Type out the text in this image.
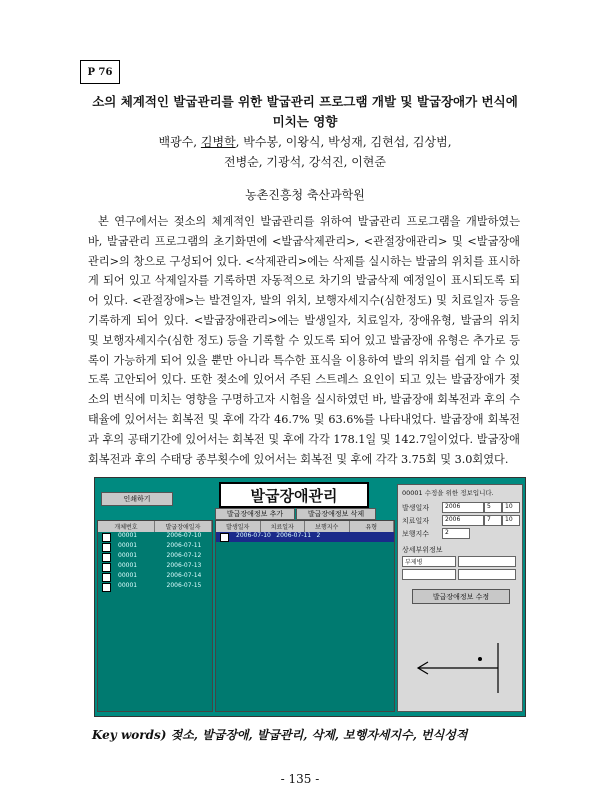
P 76
소의 체계적인 발굽관리를 위한 발굽관리 프로그램 개발 및 발굽장애가 번식에
미치는 영향
백광수, 김병학, 박수봉, 이왕식, 박성재, 김현섭, 김상범,
전병순, 기광석, 강석진, 이현준
농촌진흥청 축산과학원
본 연구에서는 젖소의 체계적인 발굽관리를 위하여 발굽관리 프로그램을 개발하였는 바, 발굽관리 프로그램의 초기화면에 <발굽삭제관리>, <관절장애관리> 및 <발굽장애관리>의 창으로 구성되어 있다. <삭제관리>에는 삭제를 실시하는 발굽의 위치를 표시하게 되어 있고 삭제일자를 기록하면 자동적으로 차기의 발굽삭제 예정일이 표시되도록 되어 있다. <관절장애>는 발견일자, 발의 위치, 보행자세지수(심한정도) 및 치료일자 등을 기록하게 되어 있다. <발굽장애관리>에는 발생일자, 치료일자, 장애유형, 발굽의 위치 및 보행자세지수(심한 정도) 등을 기록할 수 있도록 되어 있고 발굽장애 유형은 추가로 등록이 가능하게 되어 있을 뿐만 아니라 특수한 표식을 이용하여 발의 위치를 쉽게 알 수 있도록 고안되어 있다. 또한 젖소에 있어서 주된 스트레스 요인이 되고 있는 발굽장애가 젖소의 번식에 미치는 영향을 구명하고자 시험을 실시하였던 바, 발굽장애 회복전과 후의 수태율에 있어서는 회복전 및 후에 각각 46.7% 및 63.6%를 나타내었다. 발굽장애 회복전과 후의 공태기간에 있어서는 회복전 및 후에 각각 178.1일 및 142.7일이었다. 발굽장애 회복전과 후의 수태당 종부횟수에 있어서는 회복전 및 후에 각각 3.75회 및 3.0회였다.
발굽장애관리
인쇄하기
발굽장애정보 추가	발굽장애정보 삭제
개체번호	발굽장애일자
00001	2006-07-10
00001	2006-07-11
00001	2006-07-12
00001	2006-07-13
00001	2006-07-14
00001	2006-07-15
발생일자	치료일자	보행지수	유형
2006-07-10 2006-07-11 2
00001 수정을 위한 정보입니다.
발생일자	2006	5	10
치료일자	2006	7	10
보행지수	2
상세부위정보
부제병
발굽장애정보 수정
Key words) 젖소, 발굽장애, 발굽관리, 삭제, 보행자세지수, 번식성적
- 135 -
